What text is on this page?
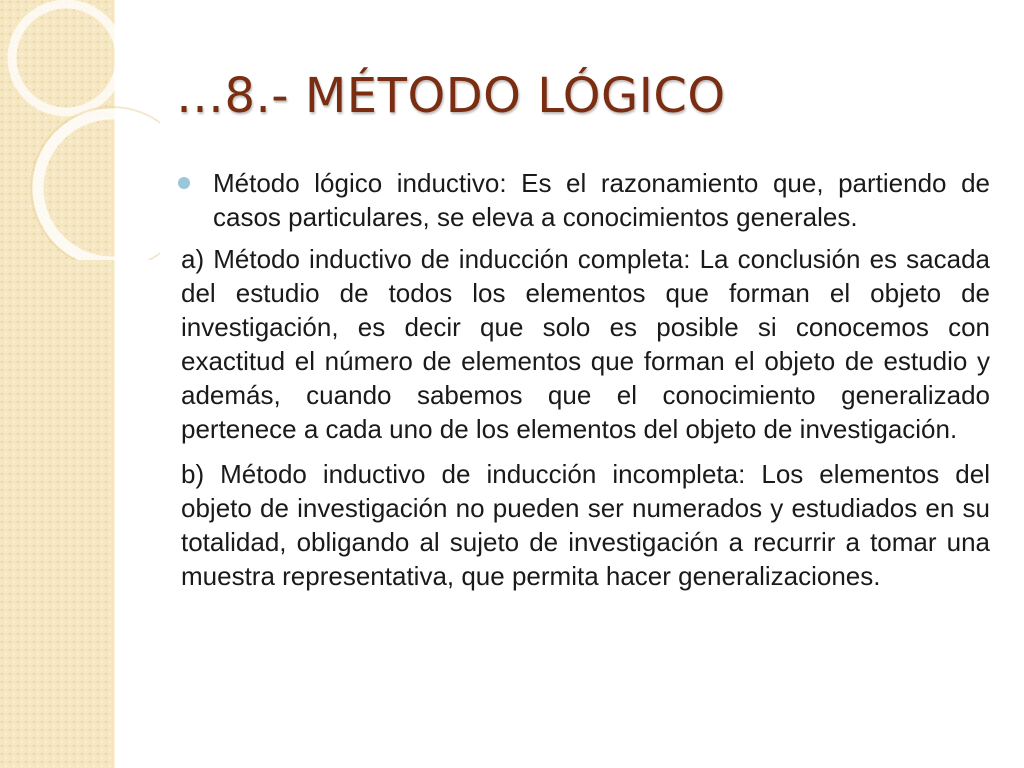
…8.- MÉTODO LÓGICO

Método lógico inductivo: Es el razonamiento que, partiendo de casos particulares, se eleva a conocimientos generales.

a) Método inductivo de inducción completa: La conclusión es sacada del estudio de todos los elementos que forman el objeto de investigación, es decir que solo es posible si conocemos con exactitud el número de elementos que forman el objeto de estudio y además, cuando sabemos que el conocimiento generalizado pertenece a cada uno de los elementos del objeto de investigación.

b) Método inductivo de inducción incompleta: Los elementos del objeto de investigación no pueden ser numerados y estudiados en su totalidad, obligando al sujeto de investigación a recurrir a tomar una muestra representativa, que permita hacer generalizaciones.
